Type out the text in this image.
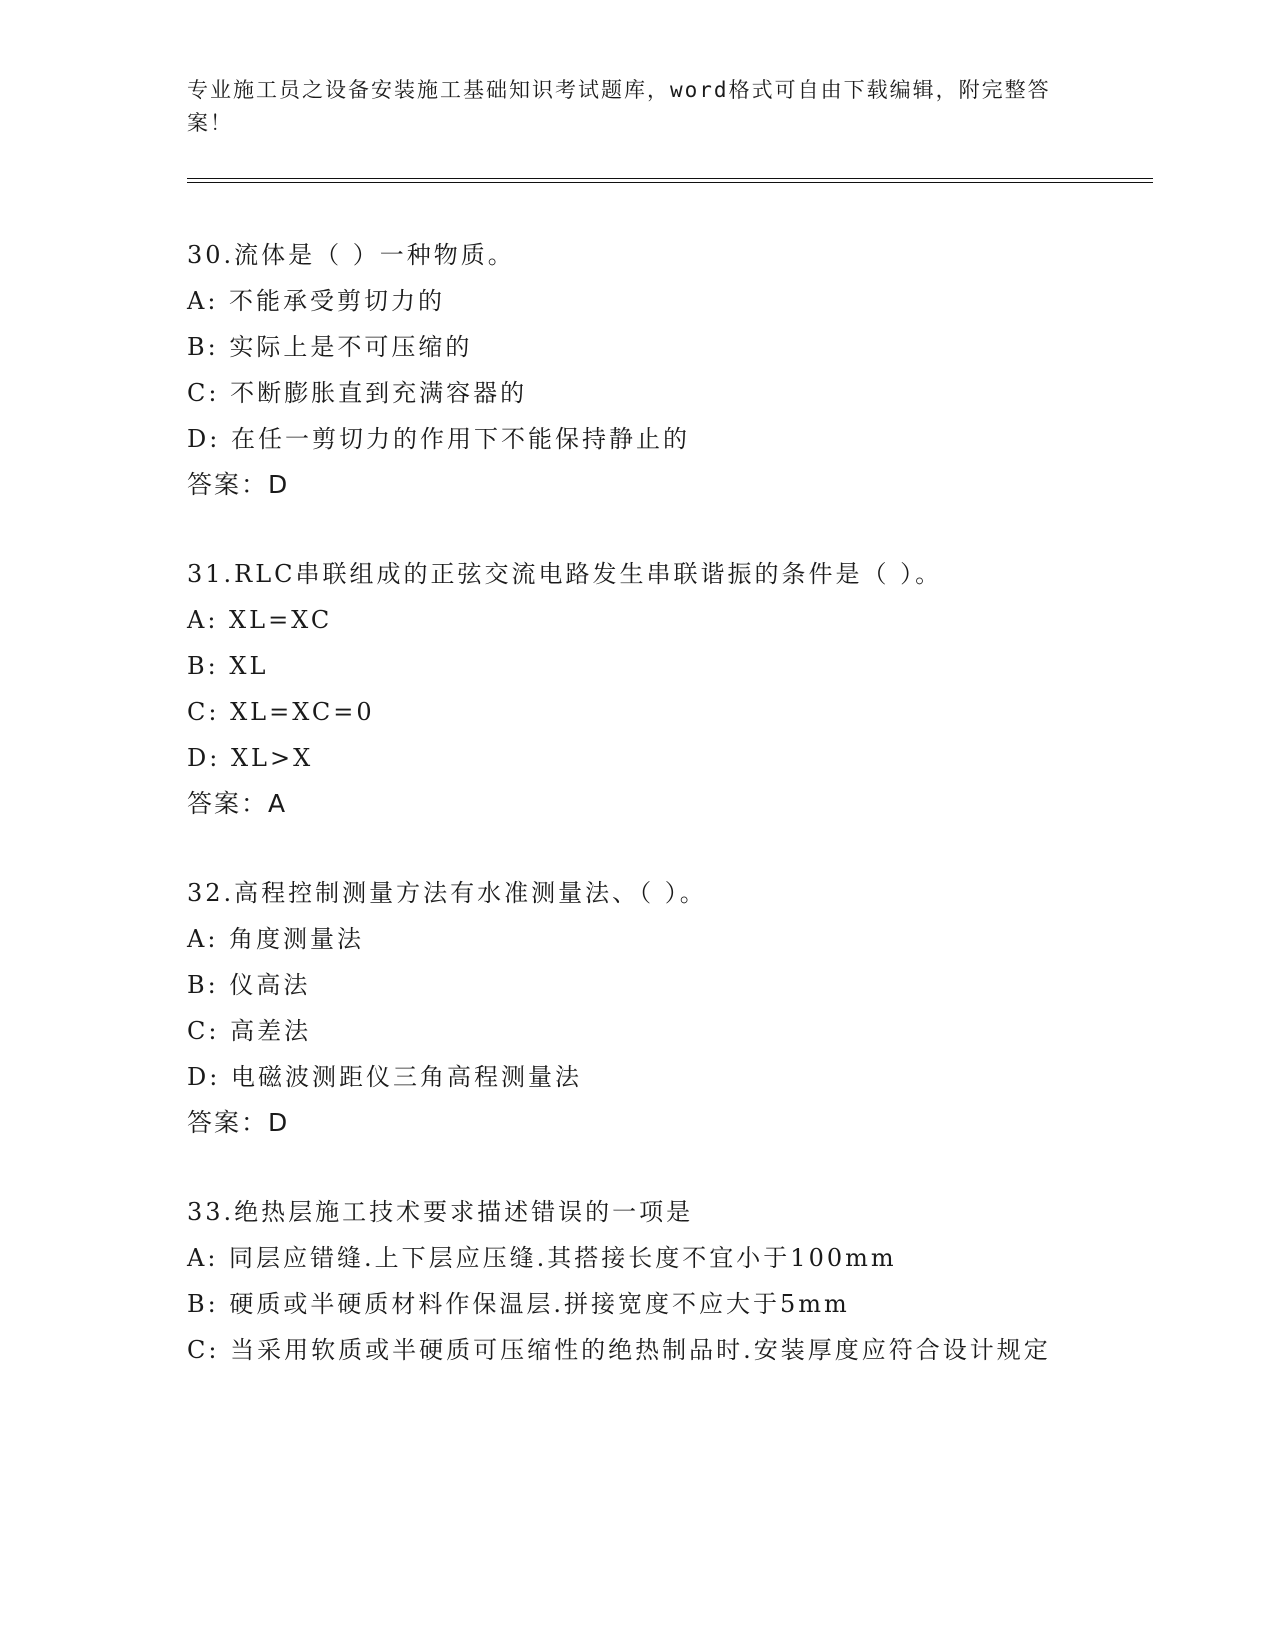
专业施工员之设备安装施工基础知识考试题库，word格式可自由下载编辑，附完整答案！
30.流体是（ ）一种物质。
A: 不能承受剪切力的
B: 实际上是不可压缩的
C: 不断膨胀直到充满容器的
D: 在任一剪切力的作用下不能保持静止的
答案：D
31.RLC串联组成的正弦交流电路发生串联谐振的条件是（ ）。
A: XL=XC
B: XL
C: XL=XC=0
D: XL>X
答案：A
32.高程控制测量方法有水准测量法、（ ）。
A: 角度测量法
B: 仪高法
C: 高差法
D: 电磁波测距仪三角高程测量法
答案：D
33.绝热层施工技术要求描述错误的一项是
A: 同层应错缝.上下层应压缝.其搭接长度不宜小于100mm
B: 硬质或半硬质材料作保温层.拼接宽度不应大于5mm
C: 当采用软质或半硬质可压缩性的绝热制品时.安装厚度应符合设计规定
